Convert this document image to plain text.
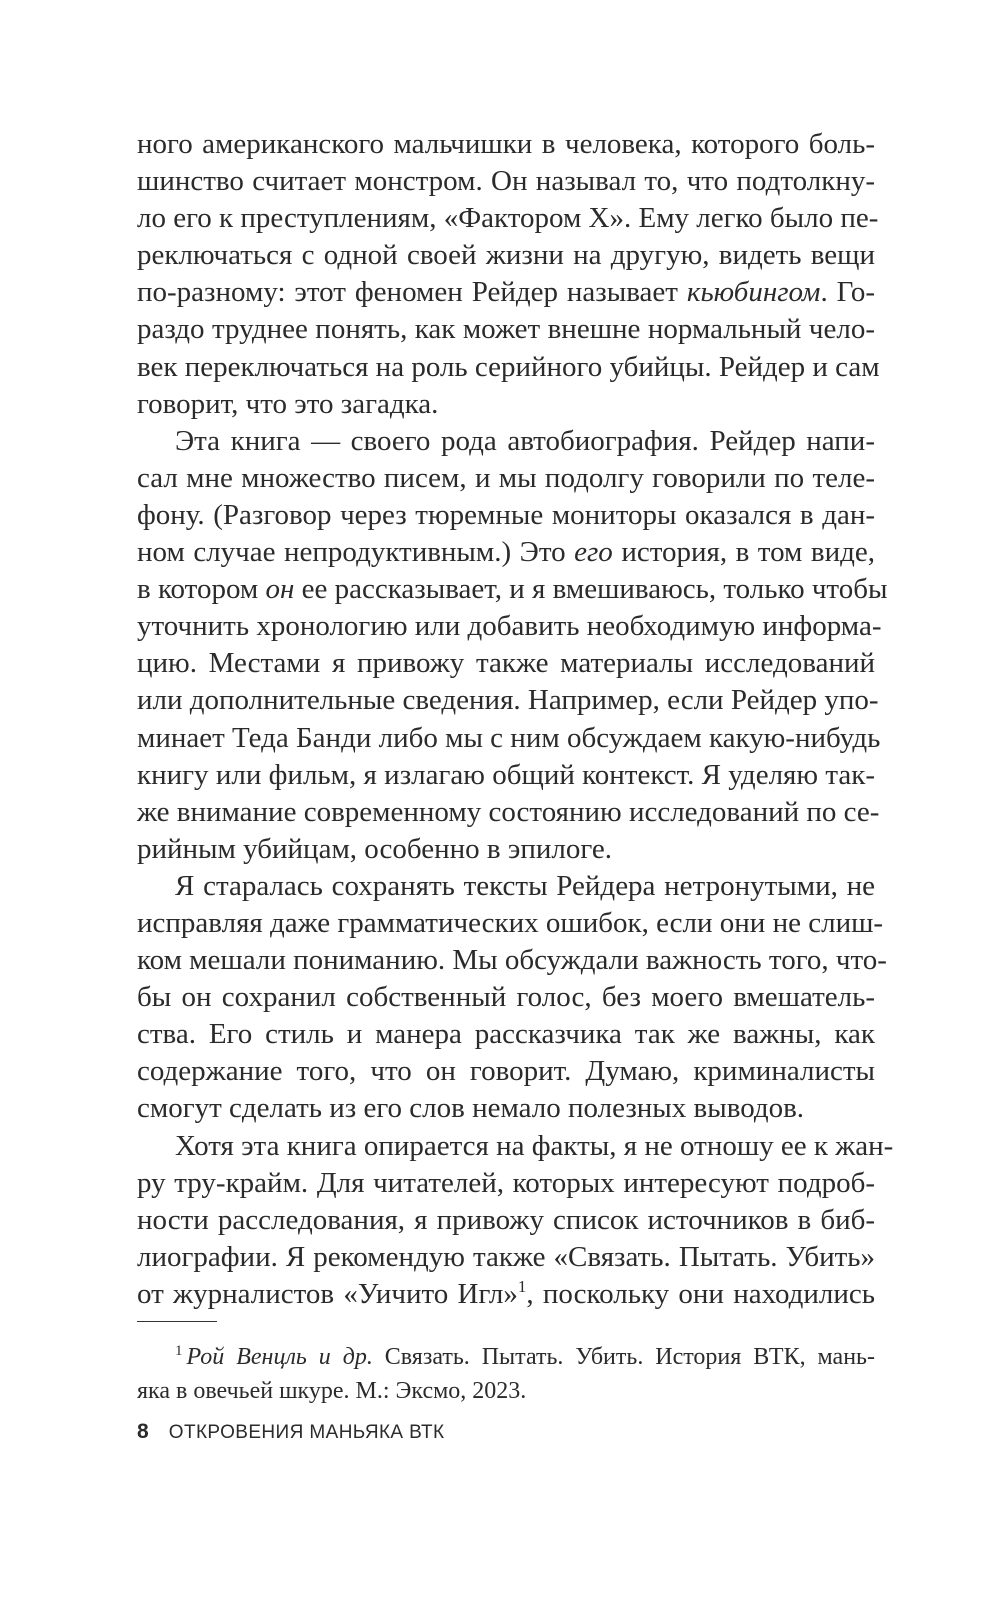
ного американского мальчишки в человека, которого боль-
шинство считает монстром. Он называл то, что подтолкну-
ло его к преступлениям, «Фактором Х». Ему легко было пе-
реключаться с одной своей жизни на другую, видеть вещи
по-разному: этот феномен Рейдер называет кьюбингом. Го-
раздо труднее понять, как может внешне нормальный чело-
век переключаться на роль серийного убийцы. Рейдер и сам
говорит, что это загадка.
Эта книга — своего рода автобиография. Рейдер напи-
сал мне множество писем, и мы подолгу говорили по теле-
фону. (Разговор через тюремные мониторы оказался в дан-
ном случае непродуктивным.) Это его история, в том виде,
в котором он ее рассказывает, и я вмешиваюсь, только чтобы
уточнить хронологию или добавить необходимую информа-
цию. Местами я привожу также материалы исследований
или дополнительные сведения. Например, если Рейдер упо-
минает Теда Банди либо мы с ним обсуждаем какую-нибудь
книгу или фильм, я излагаю общий контекст. Я уделяю так-
же внимание современному состоянию исследований по се-
рийным убийцам, особенно в эпилоге.
Я старалась сохранять тексты Рейдера нетронутыми, не
исправляя даже грамматических ошибок, если они не слиш-
ком мешали пониманию. Мы обсуждали важность того, что-
бы он сохранил собственный голос, без моего вмешатель-
ства. Его стиль и манера рассказчика так же важны, как
содержание того, что он говорит. Думаю, криминалисты
смогут сделать из его слов немало полезных выводов.
Хотя эта книга опирается на факты, я не отношу ее к жан-
ру тру-крайм. Для читателей, которых интересуют подроб-
ности расследования, я привожу список источников в биб-
лиографии. Я рекомендую также «Связать. Пытать. Убить»
от журналистов «Уичито Игл»$^1$, поскольку они находились
$^1$ Рой Венцль и др. Связать. Пытать. Убить. История ВТК, мань-
яка в овечьей шкуре. М.: Эксмо, 2023.
8 ОТКРОВЕНИЯ МАНЬЯКА ВТК
